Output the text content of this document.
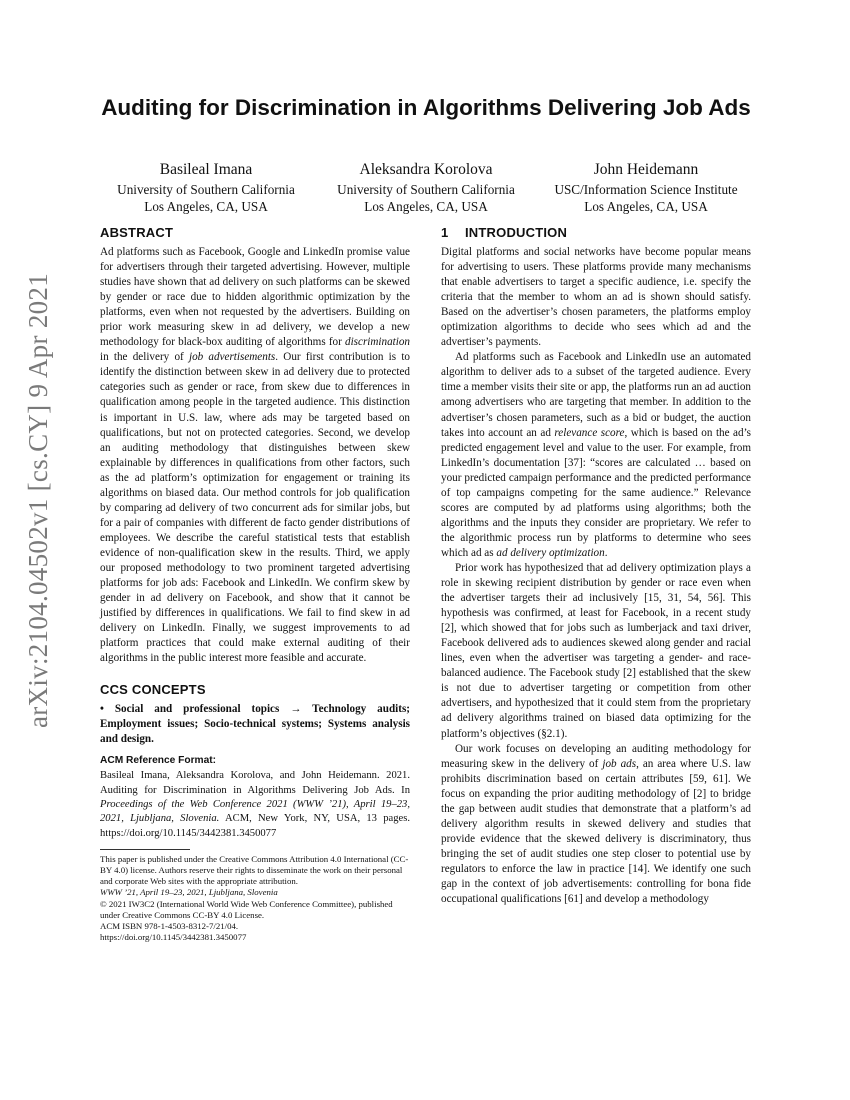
arXiv:2104.04502v1 [cs.CY] 9 Apr 2021
Auditing for Discrimination in Algorithms Delivering Job Ads
Basileal Imana
University of Southern California
Los Angeles, CA, USA
Aleksandra Korolova
University of Southern California
Los Angeles, CA, USA
John Heidemann
USC/Information Science Institute
Los Angeles, CA, USA
ABSTRACT

Ad platforms such as Facebook, Google and LinkedIn promise value for advertisers through their targeted advertising. However, multiple studies have shown that ad delivery on such platforms can be skewed by gender or race due to hidden algorithmic optimization by the platforms, even when not requested by the advertisers. Building on prior work measuring skew in ad delivery, we develop a new methodology for black-box auditing of algorithms for discrimination in the delivery of job advertisements. Our first contribution is to identify the distinction between skew in ad delivery due to protected categories such as gender or race, from skew due to differences in qualification among people in the targeted audience. This distinction is important in U.S. law, where ads may be targeted based on qualifications, but not on protected categories. Second, we develop an auditing methodology that distinguishes between skew explainable by differences in qualifications from other factors, such as the ad platform’s optimization for engagement or training its algorithms on biased data. Our method controls for job qualification by comparing ad delivery of two concurrent ads for similar jobs, but for a pair of companies with different de facto gender distributions of employees. We describe the careful statistical tests that establish evidence of non-qualification skew in the results. Third, we apply our proposed methodology to two prominent targeted advertising platforms for job ads: Facebook and LinkedIn. We confirm skew by gender in ad delivery on Facebook, and show that it cannot be justified by differences in qualifications. We fail to find skew in ad delivery on LinkedIn. Finally, we suggest improvements to ad platform practices that could make external auditing of their algorithms in the public interest more feasible and accurate.

CCS CONCEPTS

• Social and professional topics → Technology audits; Employment issues; Socio-technical systems; Systems analysis and design.

ACM Reference Format:

Basileal Imana, Aleksandra Korolova, and John Heidemann. 2021. Auditing for Discrimination in Algorithms Delivering Job Ads. In Proceedings of the Web Conference 2021 (WWW ’21), April 19–23, 2021, Ljubljana, Slovenia. ACM, New York, NY, USA, 13 pages. https://doi.org/10.1145/3442381.3450077

This paper is published under the Creative Commons Attribution 4.0 International (CC-BY 4.0) license. Authors reserve their rights to disseminate the work on their personal and corporate Web sites with the appropriate attribution.
WWW ’21, April 19–23, 2021, Ljubljana, Slovenia
© 2021 IW3C2 (International World Wide Web Conference Committee), published under Creative Commons CC-BY 4.0 License.
ACM ISBN 978-1-4503-8312-7/21/04.
https://doi.org/10.1145/3442381.3450077
1 INTRODUCTION

Digital platforms and social networks have become popular means for advertising to users. These platforms provide many mechanisms that enable advertisers to target a specific audience, i.e. specify the criteria that the member to whom an ad is shown should satisfy. Based on the advertiser’s chosen parameters, the platforms employ optimization algorithms to decide who sees which ad and the advertiser’s payments.

Ad platforms such as Facebook and LinkedIn use an automated algorithm to deliver ads to a subset of the targeted audience. Every time a member visits their site or app, the platforms run an ad auction among advertisers who are targeting that member. In addition to the advertiser’s chosen parameters, such as a bid or budget, the auction takes into account an ad relevance score, which is based on the ad’s predicted engagement level and value to the user. For example, from LinkedIn’s documentation [37]: “scores are calculated … based on your predicted campaign performance and the predicted performance of top campaigns competing for the same audience.” Relevance scores are computed by ad platforms using algorithms; both the algorithms and the inputs they consider are proprietary. We refer to the algorithmic process run by platforms to determine who sees which ad as ad delivery optimization.

Prior work has hypothesized that ad delivery optimization plays a role in skewing recipient distribution by gender or race even when the advertiser targets their ad inclusively [15, 31, 54, 56]. This hypothesis was confirmed, at least for Facebook, in a recent study [2], which showed that for jobs such as lumberjack and taxi driver, Facebook delivered ads to audiences skewed along gender and racial lines, even when the advertiser was targeting a gender- and race-balanced audience. The Facebook study [2] established that the skew is not due to advertiser targeting or competition from other advertisers, and hypothesized that it could stem from the proprietary ad delivery algorithms trained on biased data optimizing for the platform’s objectives (§2.1).

Our work focuses on developing an auditing methodology for measuring skew in the delivery of job ads, an area where U.S. law prohibits discrimination based on certain attributes [59, 61]. We focus on expanding the prior auditing methodology of [2] to bridge the gap between audit studies that demonstrate that a platform’s ad delivery algorithm results in skewed delivery and studies that provide evidence that the skewed delivery is discriminatory, thus bringing the set of audit studies one step closer to potential use by regulators to enforce the law in practice [14]. We identify one such gap in the context of job advertisements: controlling for bona fide occupational qualifications [61] and develop a methodology
